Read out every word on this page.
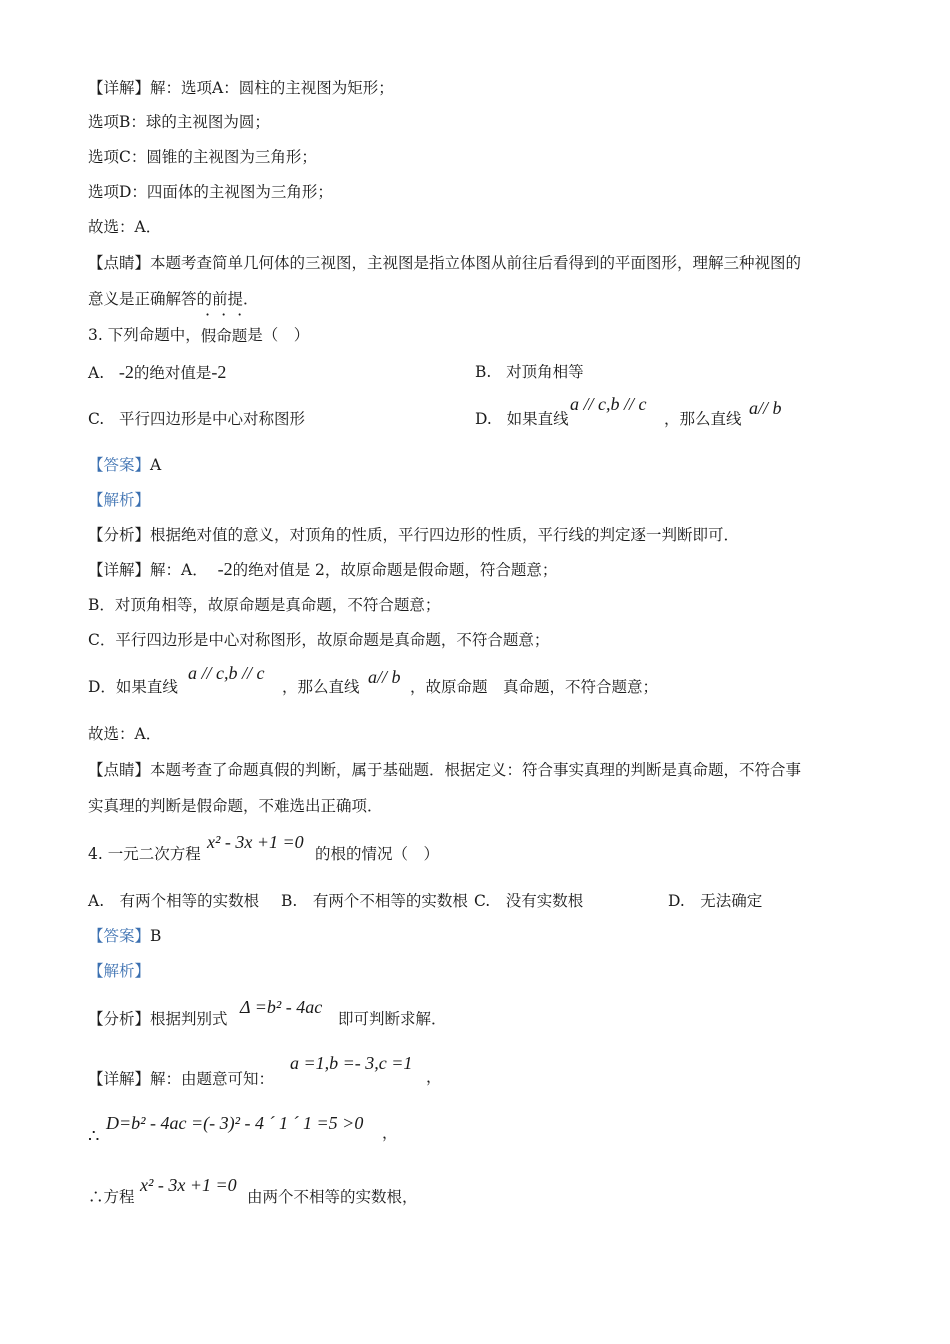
【详解】解：选项A：圆柱的主视图为矩形；
选项B：球的主视图为圆；
选项C：圆锥的主视图为三角形；
选项D：四面体的主视图为三角形；
故选：A．
【点睛】本题考查简单几何体的三视图，主视图是指立体图从前往后看得到的平面图形，理解三种视图的
意义是正确解答的前提．
3. 下列命题中，假命题是（　）
·​·​·
A. -2的绝对值是-2	B. 对顶角相等
C. 平行四边形是中心对称图形	D. 如果直线
a // c,b // c
，那么直线
a// b
【答案】A
【解析】
【分析】根据绝对值的意义，对顶角的性质，平行四边形的性质，平行线的判定逐一判断即可．
【详解】解：A． -2的绝对值是 2，故原命题是假命题，符合题意；
B．对顶角相等，故原命题是真命题，不符合题意；
C．平行四边形是中心对称图形，故原命题是真命题，不符合题意；
D．如果直线
a // c,b // c
，那么直线 a// b ，故原命题　真命题，不符合题意；
故选：A．
【点睛】本题考查了命题真假的判断，属于基础题．根据定义：符合事实真理的判断是真命题，不符合事
实真理的判断是假命题，不难选出正确项．
4. 一元二次方程
x² - 3x +1 =0
的根的情况（　）
A.　有两个相等的实数根 B.　有两个不相等的实数根 C.　没有实数根	D.　无法确定
【答案】B
【解析】
【分析】根据判别式
Δ =b² - 4ac
即可判断求解．
【详解】解：由题意可知：
a =1,b =- 3,c =1
，
∴
D=b² - 4ac =(- 3)² - 4 ´ 1 ´ 1 =5 >0 ，
∴方程
x² - 3x +1 =0
由两个不相等的实数根，
